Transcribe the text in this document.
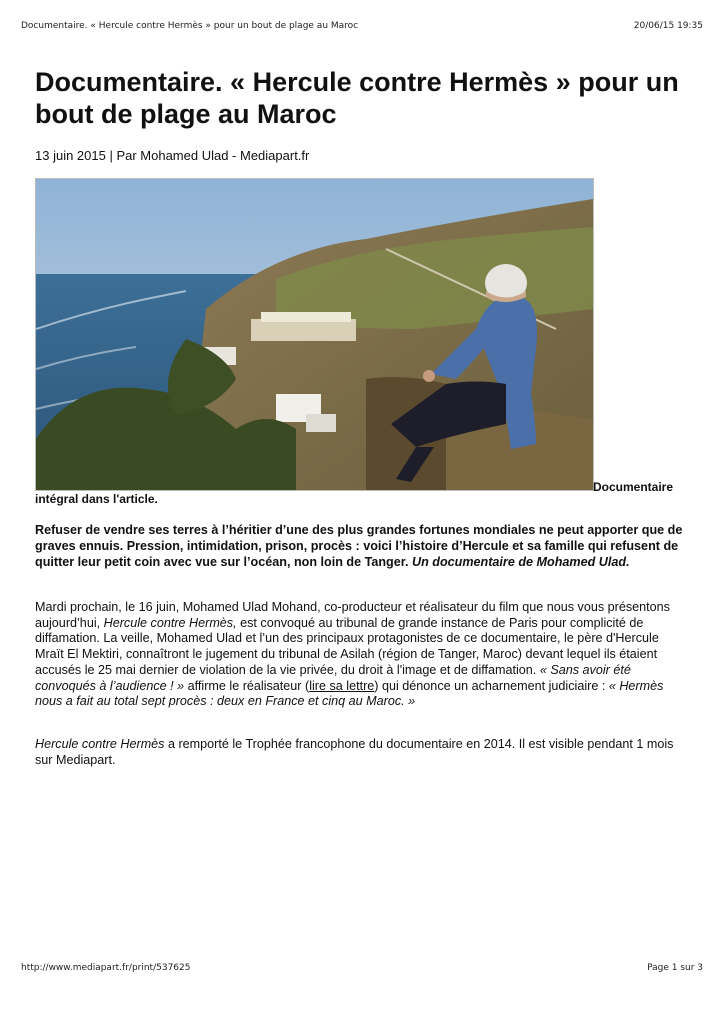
Documentaire. « Hercule contre Hermès » pour un bout de plage au Maroc	20/06/15 19:35
Documentaire. « Hercule contre Hermès » pour un bout de plage au Maroc
13 juin 2015 | Par Mohamed Ulad - Mediapart.fr
Documentaire
intégral dans l'article.

Refuser de vendre ses terres à l’héritier d’une des plus grandes fortunes mondiales ne peut apporter que de graves ennuis. Pression, intimidation, prison, procès : voici l’histoire d’Hercule et sa famille qui refusent de quitter leur petit coin avec vue sur l’océan, non loin de Tanger. Un documentaire de Mohamed Ulad.

Mardi prochain, le 16 juin, Mohamed Ulad Mohand, co-producteur et réalisateur du film que nous vous présentons aujourd’hui, Hercule contre Hermès, est convoqué au tribunal de grande instance de Paris pour complicité de diffamation. La veille, Mohamed Ulad et l’un des principaux protagonistes de ce documentaire, le père d'Hercule Mraït El Mektiri, connaîtront le jugement du tribunal de Asilah (région de Tanger, Maroc) devant lequel ils étaient accusés le 25 mai dernier de violation de la vie privée, du droit à l'image et de diffamation. « Sans avoir été convoqués à l’audience ! » affirme le réalisateur (lire sa lettre) qui dénonce un acharnement judiciaire : « Hermès nous a fait au total sept procès : deux en France et cinq au Maroc. »

Hercule contre Hermès a remporté le Trophée francophone du documentaire en 2014. Il est visible pendant 1 mois sur Mediapart.

http://www.mediapart.fr/print/537625	Page 1 sur 3
